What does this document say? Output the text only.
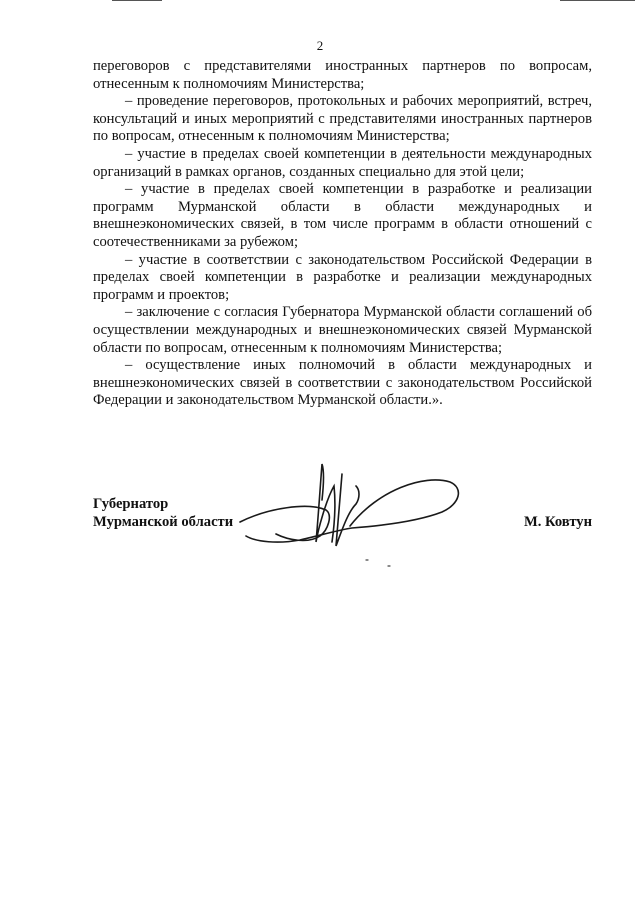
2

переговоров с представителями иностранных партнеров по вопросам, отнесенным к полномочиям Министерства;

– проведение переговоров, протокольных и рабочих мероприятий, встреч, консультаций и иных мероприятий с представителями иностранных партнеров по вопросам, отнесенным к полномочиям Министерства;

– участие в пределах своей компетенции в деятельности международных организаций в рамках органов, созданных специально для этой цели;

– участие в пределах своей компетенции в разработке и реализации программ Мурманской области в области международных и внешнеэкономических связей, в том числе программ в области отношений с соотечественниками за рубежом;

– участие в соответствии с законодательством Российской Федерации в пределах своей компетенции в разработке и реализации международных программ и проектов;

– заключение с согласия Губернатора Мурманской области соглашений об осуществлении международных и внешнеэкономических связей Мурманской области по вопросам, отнесенным к полномочиям Министерства;

– осуществление иных полномочий в области международных и внешнеэкономических связей в соответствии с законодательством Российской Федерации и законодательством Мурманской области.».

Губернатор
Мурманской области	М. Ковтун
